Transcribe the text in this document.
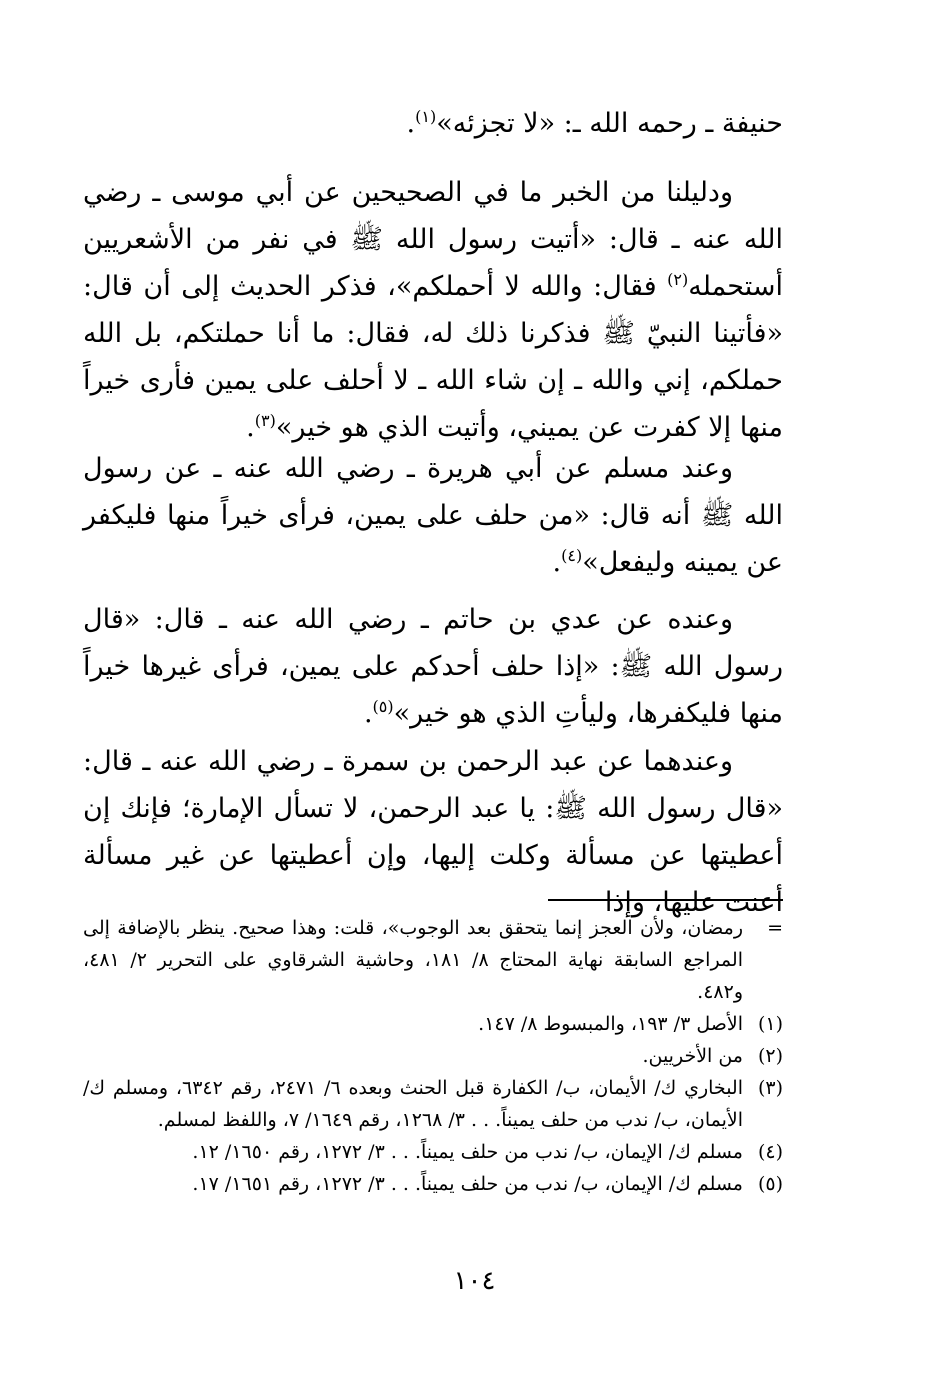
حنيفة ـ رحمه الله ـ: «لا تجزئه»$^{(١)}$.

ودليلنا من الخبر ما في الصحيحين عن أبي موسى ـ رضي الله عنه ـ قال: «أتيت رسول الله ﷺ في نفر من الأشعريين أستحمله$^{(٢)}$ فقال: والله لا أحملكم»، فذكر الحديث إلى أن قال: «فأتينا النبيّ ﷺ فذكرنا ذلك له، فقال: ما أنا حملتكم، بل الله حملكم، إني والله ـ إن شاء الله ـ لا أحلف على يمين فأرى خيراً منها إلا كفرت عن يميني، وأتيت الذي هو خير»$^{(٣)}$.

وعند مسلم عن أبي هريرة ـ رضي الله عنه ـ عن رسول الله ﷺ أنه قال: «من حلف على يمين، فرأى خيراً منها فليكفر عن يمينه وليفعل»$^{(٤)}$.

وعنده عن عدي بن حاتم ـ رضي الله عنه ـ قال: «قال رسول الله ﷺ: «إذا حلف أحدكم على يمين، فرأى غيرها خيراً منها فليكفرها، وليأتِ الذي هو خير»$^{(٥)}$.

وعندهما عن عبد الرحمن بن سمرة ـ رضي الله عنه ـ قال: «قال رسول الله ﷺ: يا عبد الرحمن، لا تسأل الإمارة؛ فإنك إن أعطيتها عن مسألة وكلت إليها، وإن أعطيتها عن غير مسألة أعنت عليها، وإذا

=
رمضان، ولأن العجز إنما يتحقق بعد الوجوب»، قلت: وهذا صحيح. ينظر بالإضافة إلى المراجع السابقة نهاية المحتاج ٨/ ١٨١، وحاشية الشرقاوي على التحرير ٢/ ٤٨١، و٤٨٢.
(١)
الأصل ٣/ ١٩٣، والمبسوط ٨/ ١٤٧.
(٢)
من الأخريين.
(٣)
البخاري ك/ الأيمان، ب/ الكفارة قبل الحنث وبعده ٦/ ٢٤٧١، رقم ٦٣٤٢، ومسلم ك/ الأيمان، ب/ ندب من حلف يميناً. . . ٣/ ١٢٦٨، رقم ١٦٤٩/ ٧، واللفظ لمسلم.
(٤)
مسلم ك/ الإيمان، ب/ ندب من حلف يميناً. . . ٣/ ١٢٧٢، رقم ١٦٥٠/ ١٢.
(٥)
مسلم ك/ الإيمان، ب/ ندب من حلف يميناً. . . ٣/ ١٢٧٢، رقم ١٦٥١/ ١٧.
١٠٤
